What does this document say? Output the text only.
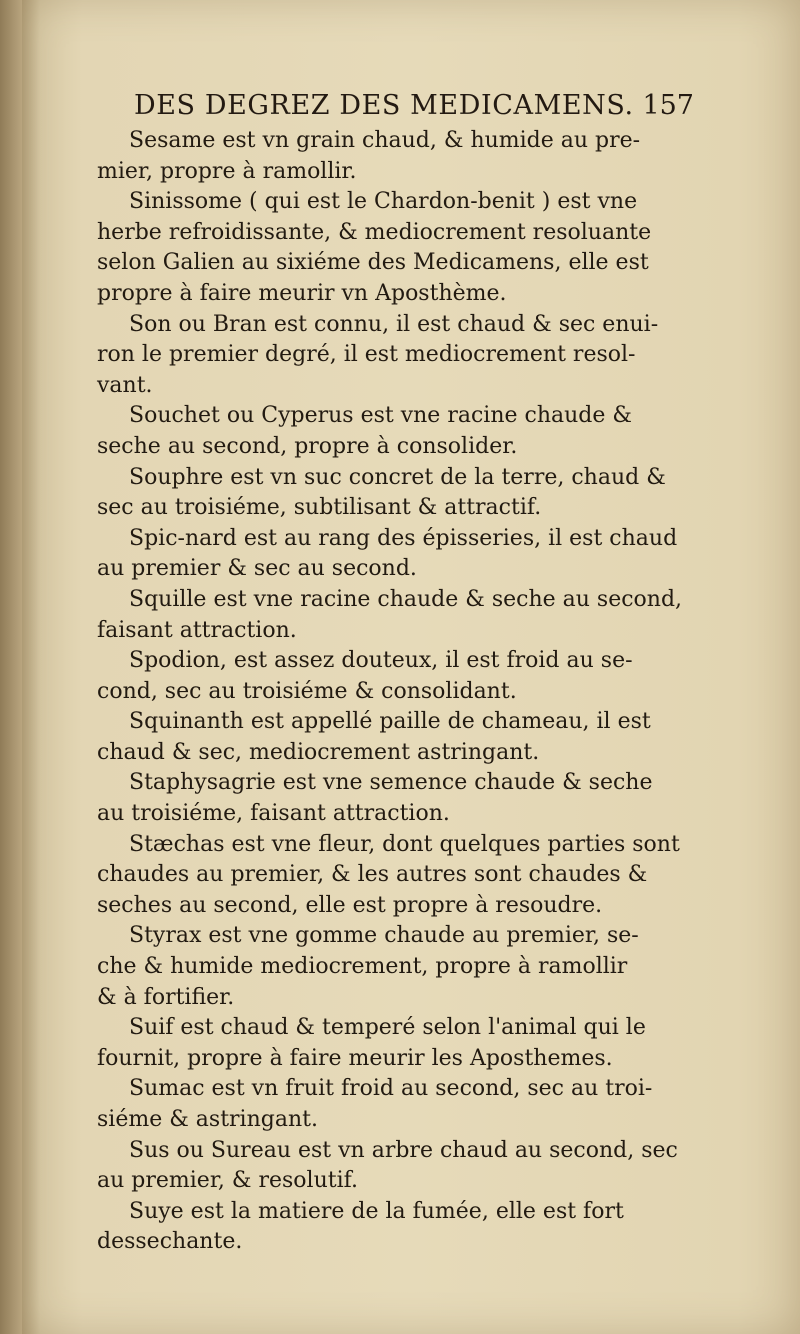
DES DEGREZ DES MEDICAMENS. 157
Sesame est vn grain chaud, & humide au pre-
mier, propre à ramollir.
Sinissome ( qui est le Chardon-benit ) est vne
herbe refroidissante, & mediocrement resoluante
selon Galien au sixiéme des Medicamens, elle est
propre à faire meurir vn Aposthème.
Son ou Bran est connu, il est chaud & sec enui-
ron le premier degré, il est mediocrement resol-
vant.
Souchet ou Cyperus est vne racine chaude &
seche au second, propre à consolider.
Souphre est vn suc concret de la terre, chaud &
sec au troisiéme, subtilisant & attractif.
Spic-nard est au rang des épisseries, il est chaud
au premier & sec au second.
Squille est vne racine chaude & seche au second,
faisant attraction.
Spodion, est assez douteux, il est froid au se-
cond, sec au troisiéme & consolidant.
Squinanth est appellé paille de chameau, il est
chaud & sec, mediocrement astringant.
Staphysagrie est vne semence chaude & seche
au troisiéme, faisant attraction.
Stæchas est vne fleur, dont quelques parties sont
chaudes au premier, & les autres sont chaudes &
seches au second, elle est propre à resoudre.
Styrax est vne gomme chaude au premier, se-
che & humide mediocrement, propre à ramollir
& à fortifier.
Suif est chaud & temperé selon l'animal qui le
fournit, propre à faire meurir les Aposthemes.
Sumac est vn fruit froid au second, sec au troi-
siéme & astringant.
Sus ou Sureau est vn arbre chaud au second, sec
au premier, & resolutif.
Suye est la matiere de la fumée, elle est fort
dessechante.
